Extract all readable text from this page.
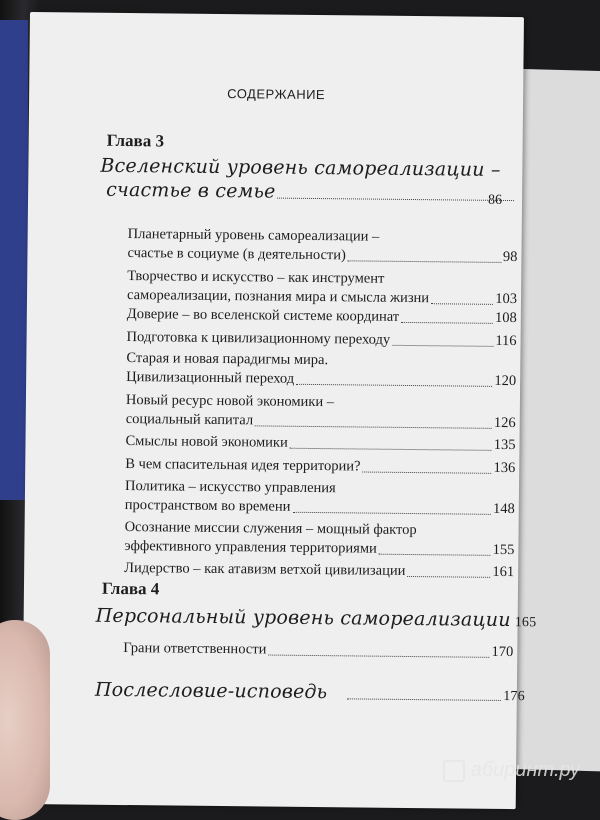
СОДЕРЖАНИЕ
Глава 3
Вселенский уровень самореализации –
счастье в семье	86
Планетарный уровень самореализации –
счастье в социуме (в деятельности)	98
Творчество и искусство – как инструмент
самореализации, познания мира и смысла жизни	103
Доверие – во вселенской системе координат	108
Подготовка к цивилизационному переходу	116
Старая и новая парадигмы мира.
Цивилизационный переход	120
Новый ресурс новой экономики –
социальный капитал	126
Смыслы новой экономики	135
В чем спасительная идея территории?	136
Политика – искусство управления
пространством во времени	148
Осознание миссии служения – мощный фактор
эффективного управления территориями	155
Лидерство – как атавизм ветхой цивилизации	161
Глава 4
Персональный уровень самореализации 165
Грани ответственности	170
Послесловие-исповедь	176
абиринт.ру
